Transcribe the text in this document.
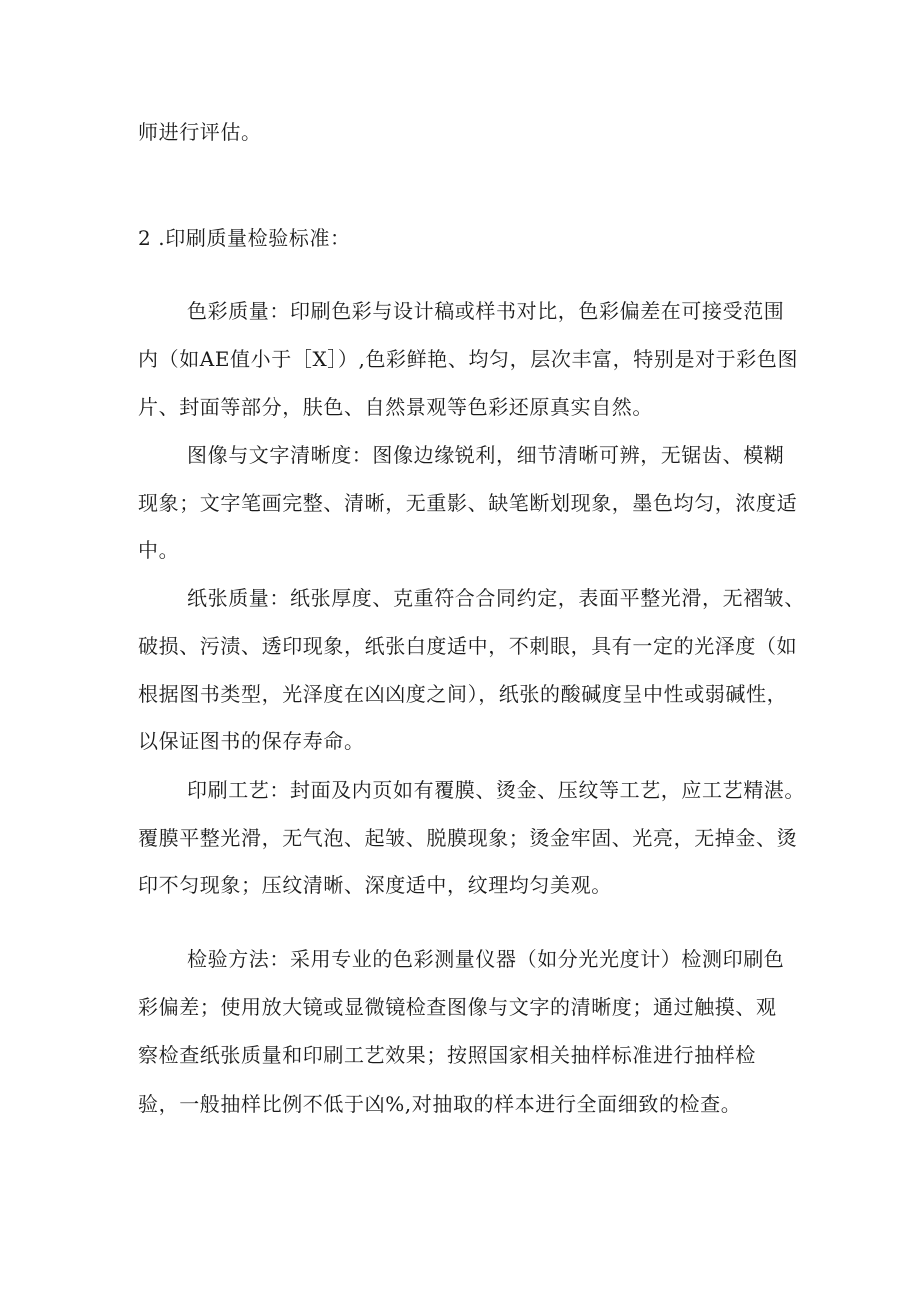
师进行评估。
2 .印刷质量检验标准：
色彩质量：印刷色彩与设计稿或样书对比，色彩偏差在可接受范围
内（如AE值小于［X］）,色彩鲜艳、均匀，层次丰富，特别是对于彩色图
片、封面等部分，肤色、自然景观等色彩还原真实自然。
图像与文字清晰度：图像边缘锐利，细节清晰可辨，无锯齿、模糊
现象；文字笔画完整、清晰，无重影、缺笔断划现象，墨色均匀，浓度适
中。
纸张质量：纸张厚度、克重符合合同约定，表面平整光滑，无褶皱、
破损、污渍、透印现象，纸张白度适中，不刺眼，具有一定的光泽度（如
根据图书类型，光泽度在凶凶度之间），纸张的酸碱度呈中性或弱碱性，
以保证图书的保存寿命。
印刷工艺：封面及内页如有覆膜、烫金、压纹等工艺，应工艺精湛。
覆膜平整光滑，无气泡、起皱、脱膜现象；烫金牢固、光亮，无掉金、烫
印不匀现象；压纹清晰、深度适中，纹理均匀美观。
检验方法：采用专业的色彩测量仪器（如分光光度计）检测印刷色
彩偏差；使用放大镜或显微镜检查图像与文字的清晰度；通过触摸、观
察检查纸张质量和印刷工艺效果；按照国家相关抽样标准进行抽样检
验，一般抽样比例不低于凶%,对抽取的样本进行全面细致的检查。
